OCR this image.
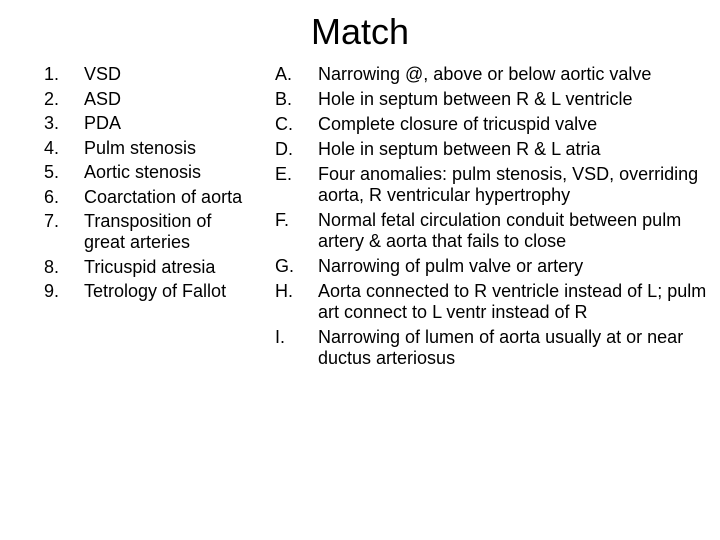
Match
1. VSD
2. ASD
3. PDA
4. Pulm stenosis
5. Aortic stenosis
6. Coarctation of aorta
7. Transposition of great arteries
8. Tricuspid atresia
9. Tetrology of Fallot
A. Narrowing @, above or below aortic valve
B. Hole in septum between R & L ventricle
C. Complete closure of tricuspid valve
D. Hole in septum between R & L atria
E. Four anomalies: pulm stenosis, VSD, overriding aorta, R ventricular hypertrophy
F. Normal fetal circulation conduit between pulm artery & aorta that fails to close
G. Narrowing of pulm valve or artery
H. Aorta connected to R ventricle instead of L; pulm art connect to L ventr instead of R
I. Narrowing of lumen of aorta usually at or near ductus arteriosus
